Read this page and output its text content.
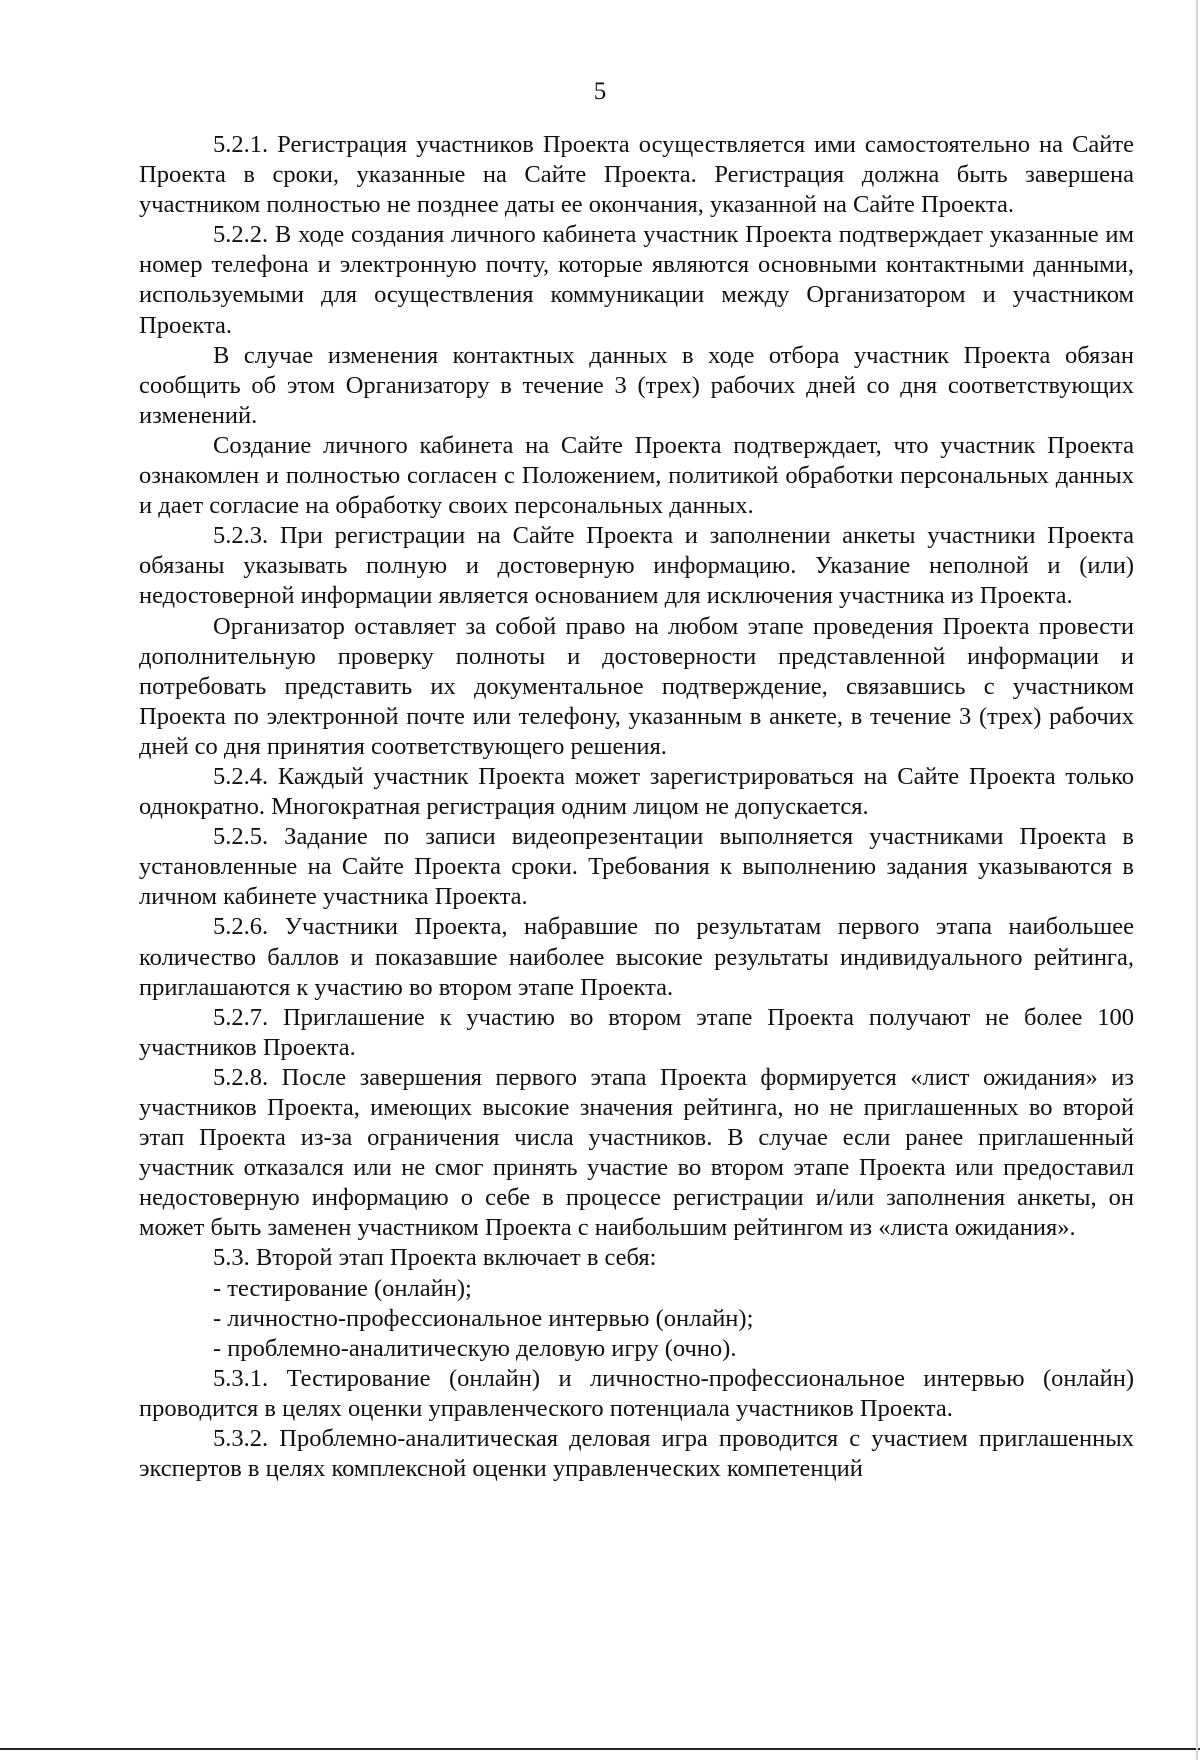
5

5.2.1. Регистрация участников Проекта осуществляется ими самостоятельно на Сайте Проекта в сроки, указанные на Сайте Проекта. Регистрация должна быть завершена участником полностью не позднее даты ее окончания, указанной на Сайте Проекта.

5.2.2. В ходе создания личного кабинета участник Проекта подтверждает указанные им номер телефона и электронную почту, которые являются основными контактными данными, используемыми для осуществления коммуникации между Организатором и участником Проекта.

В случае изменения контактных данных в ходе отбора участник Проекта обязан сообщить об этом Организатору в течение 3 (трех) рабочих дней со дня соответствующих изменений.

Создание личного кабинета на Сайте Проекта подтверждает, что участник Проекта ознакомлен и полностью согласен с Положением, политикой обработки персональных данных и дает согласие на обработку своих персональных данных.

5.2.3. При регистрации на Сайте Проекта и заполнении анкеты участники Проекта обязаны указывать полную и достоверную информацию. Указание неполной и (или) недостоверной информации является основанием для исключения участника из Проекта.

Организатор оставляет за собой право на любом этапе проведения Проекта провести дополнительную проверку полноты и достоверности представленной информации и потребовать представить их документальное подтверждение, связавшись с участником Проекта по электронной почте или телефону, указанным в анкете, в течение 3 (трех) рабочих дней со дня принятия соответствующего решения.

5.2.4. Каждый участник Проекта может зарегистрироваться на Сайте Проекта только однократно. Многократная регистрация одним лицом не допускается.

5.2.5. Задание по записи видеопрезентации выполняется участниками Проекта в установленные на Сайте Проекта сроки. Требования к выполнению задания указываются в личном кабинете участника Проекта.

5.2.6. Участники Проекта, набравшие по результатам первого этапа наибольшее количество баллов и показавшие наиболее высокие результаты индивидуального рейтинга, приглашаются к участию во втором этапе Проекта.

5.2.7. Приглашение к участию во втором этапе Проекта получают не более 100 участников Проекта.

5.2.8. После завершения первого этапа Проекта формируется «лист ожидания» из участников Проекта, имеющих высокие значения рейтинга, но не приглашенных во второй этап Проекта из-за ограничения числа участников. В случае если ранее приглашенный участник отказался или не смог принять участие во втором этапе Проекта или предоставил недостоверную информацию о себе в процессе регистрации и/или заполнения анкеты, он может быть заменен участником Проекта с наибольшим рейтингом из «листа ожидания».

5.3. Второй этап Проекта включает в себя:

- тестирование (онлайн);

- личностно-профессиональное интервью (онлайн);

- проблемно-аналитическую деловую игру (очно).

5.3.1. Тестирование (онлайн) и личностно-профессиональное интервью (онлайн) проводится в целях оценки управленческого потенциала участников Проекта.

5.3.2. Проблемно-аналитическая деловая игра проводится с участием приглашенных экспертов в целях комплексной оценки управленческих компетенций
